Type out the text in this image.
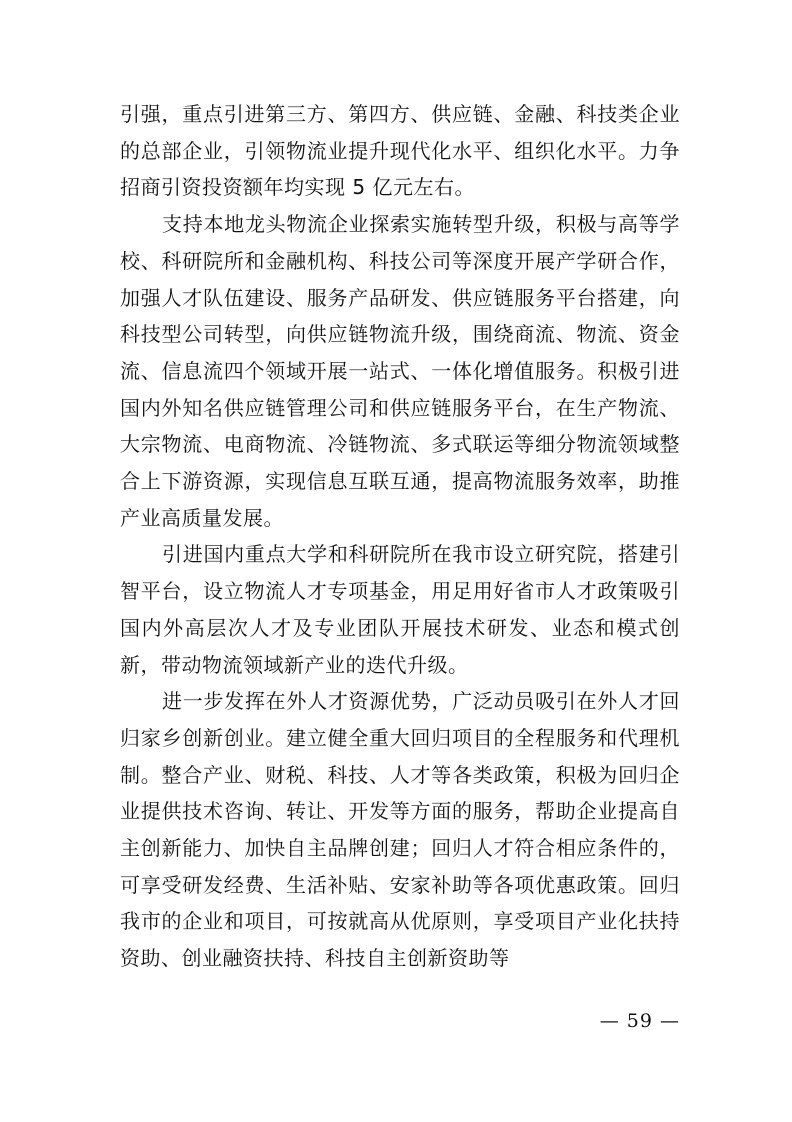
引强，重点引进第三方、第四方、供应链、金融、科技类企业的总部企业，引领物流业提升现代化水平、组织化水平。力争招商引资投资额年均实现 5 亿元左右。

支持本地龙头物流企业探索实施转型升级，积极与高等学校、科研院所和金融机构、科技公司等深度开展产学研合作，加强人才队伍建设、服务产品研发、供应链服务平台搭建，向科技型公司转型，向供应链物流升级，围绕商流、物流、资金流、信息流四个领域开展一站式、一体化增值服务。积极引进国内外知名供应链管理公司和供应链服务平台，在生产物流、大宗物流、电商物流、冷链物流、多式联运等细分物流领域整合上下游资源，实现信息互联互通，提高物流服务效率，助推产业高质量发展。

引进国内重点大学和科研院所在我市设立研究院，搭建引智平台，设立物流人才专项基金，用足用好省市人才政策吸引国内外高层次人才及专业团队开展技术研发、业态和模式创新，带动物流领域新产业的迭代升级。

进一步发挥在外人才资源优势，广泛动员吸引在外人才回归家乡创新创业。建立健全重大回归项目的全程服务和代理机制。整合产业、财税、科技、人才等各类政策，积极为回归企业提供技术咨询、转让、开发等方面的服务，帮助企业提高自主创新能力、加快自主品牌创建；回归人才符合相应条件的，可享受研发经费、生活补贴、安家补助等各项优惠政策。回归我市的企业和项目，可按就高从优原则，享受项目产业化扶持资助、创业融资扶持、科技自主创新资助等

— 59 —
